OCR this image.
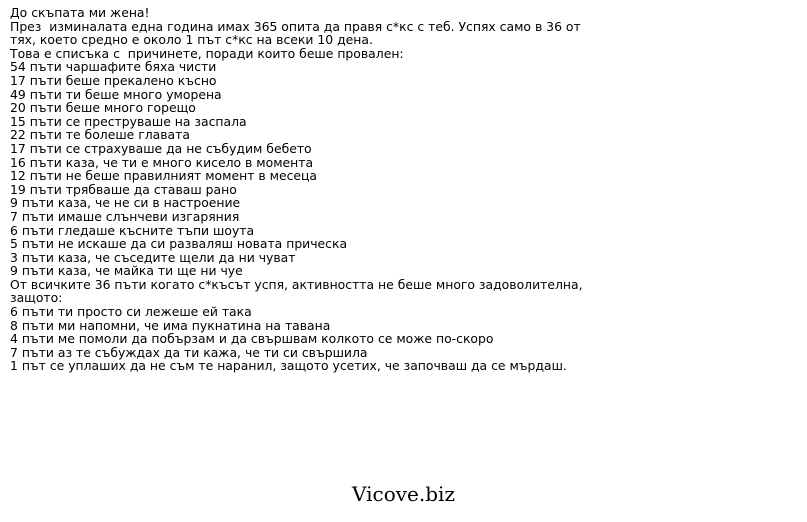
До скъпата ми жена!
През  изминалата една година имах 365 опита да правя с*кс с теб. Успях само в 36 от
тях, което средно е около 1 път с*кс на всеки 10 дена.
Това е списъка с  причинете, поради които беше провален:
54 пъти чаршафите бяха чисти
17 пъти беше прекалено късно
49 пъти ти беше много уморена
20 пъти беше много горещо
15 пъти се преструваше на заспала
22 пъти те болеше главата
17 пъти се страхуваше да не събудим бебето
16 пъти каза, че ти е много кисело в момента
12 пъти не беше правилният момент в месеца
19 пъти трябваше да ставаш рано
9 пъти каза, че не си в настроение
7 пъти имаше слънчеви изгаряния
6 пъти гледаше късните тъпи шоута
5 пъти не искаше да си разваляш новата прическа
3 пъти каза, че съседите щели да ни чуват
9 пъти каза, че майка ти ще ни чуе
От всичките 36 пъти когато с*късът успя, активността не беше много задоволителна,
защото:
6 пъти ти просто си лежеше ей така
8 пъти ми напомни, че има пукнатина на тавана
4 пъти ме помоли да побързам и да свършвам колкото се може по-скоро
7 пъти аз те събуждах да ти кажа, че ти си свършила
1 път се уплаших да не съм те наранил, защото усетих, че започваш да се мърдаш.
Vicove.biz
